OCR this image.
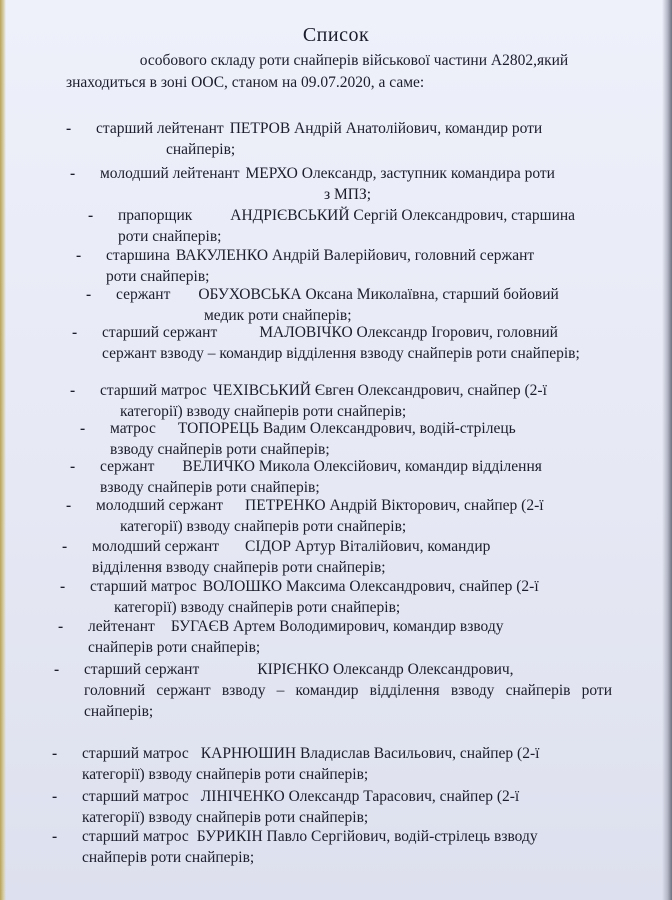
Список
особового складу роти снайперів військової частини А2802,який
знаходиться в зоні ООС, станом на 09.07.2020, а саме:
- старший лейтенант ПЕТРОВ Андрій Анатолійович, командир роти
снайперів;
- молодший лейтенант МЕРХО Олександр, заступник командира роти
з МПЗ;
- прапорщик АНДРІЄВСЬКИЙ Сергій Олександрович, старшина
роти снайперів;
- старшина ВАКУЛЕНКО Андрій Валерійович, головний сержант
роти снайперів;
- сержант ОБУХОВСЬКА Оксана Миколаївна, старший бойовий
медик роти снайперів;
- старший сержант	МАЛОВІЧКО Олександр Ігорович, головний
сержант взводу – командир відділення взводу снайперів роти снайперів;
- старший матрос ЧЕХІВСЬКИЙ Євген Олександрович, снайпер (2-ї
категорії) взводу снайперів роти снайперів;
- матрос ТОПОРЕЦЬ Вадим Олександрович, водій-стрілець
взводу снайперів роти снайперів;
- сержант ВЕЛИЧКО Микола Олексійович, командир відділення
взводу снайперів роти снайперів;
- молодший сержант ПЕТРЕНКО Андрій Вікторович, снайпер (2-ї
категорії) взводу снайперів роти снайперів;
- молодший сержант СІДОР Артур Віталійович, командир
відділення взводу снайперів роти снайперів;
- старший матрос ВОЛОШКО Максима Олександрович, снайпер (2-ї
категорії) взводу снайперів роти снайперів;
- лейтенант БУГАЄВ Артем Володимирович, командир взводу
снайперів роти снайперів;
- старший сержант	КІРІЄНКО Олександр Олександрович,
головний сержант взводу – командир відділення взводу снайперів роти снайперів;
- старший матрос КАРНЮШИН Владислав Васильович, снайпер (2-ї
категорії) взводу снайперів роти снайперів;
- старший матрос ЛІНІЧЕНКО Олександр Тарасович, снайпер (2-ї
категорії) взводу снайперів роти снайперів;
- старший матрос БУРИКІН Павло Сергійович, водій-стрілець взводу
снайперів роти снайперів;
